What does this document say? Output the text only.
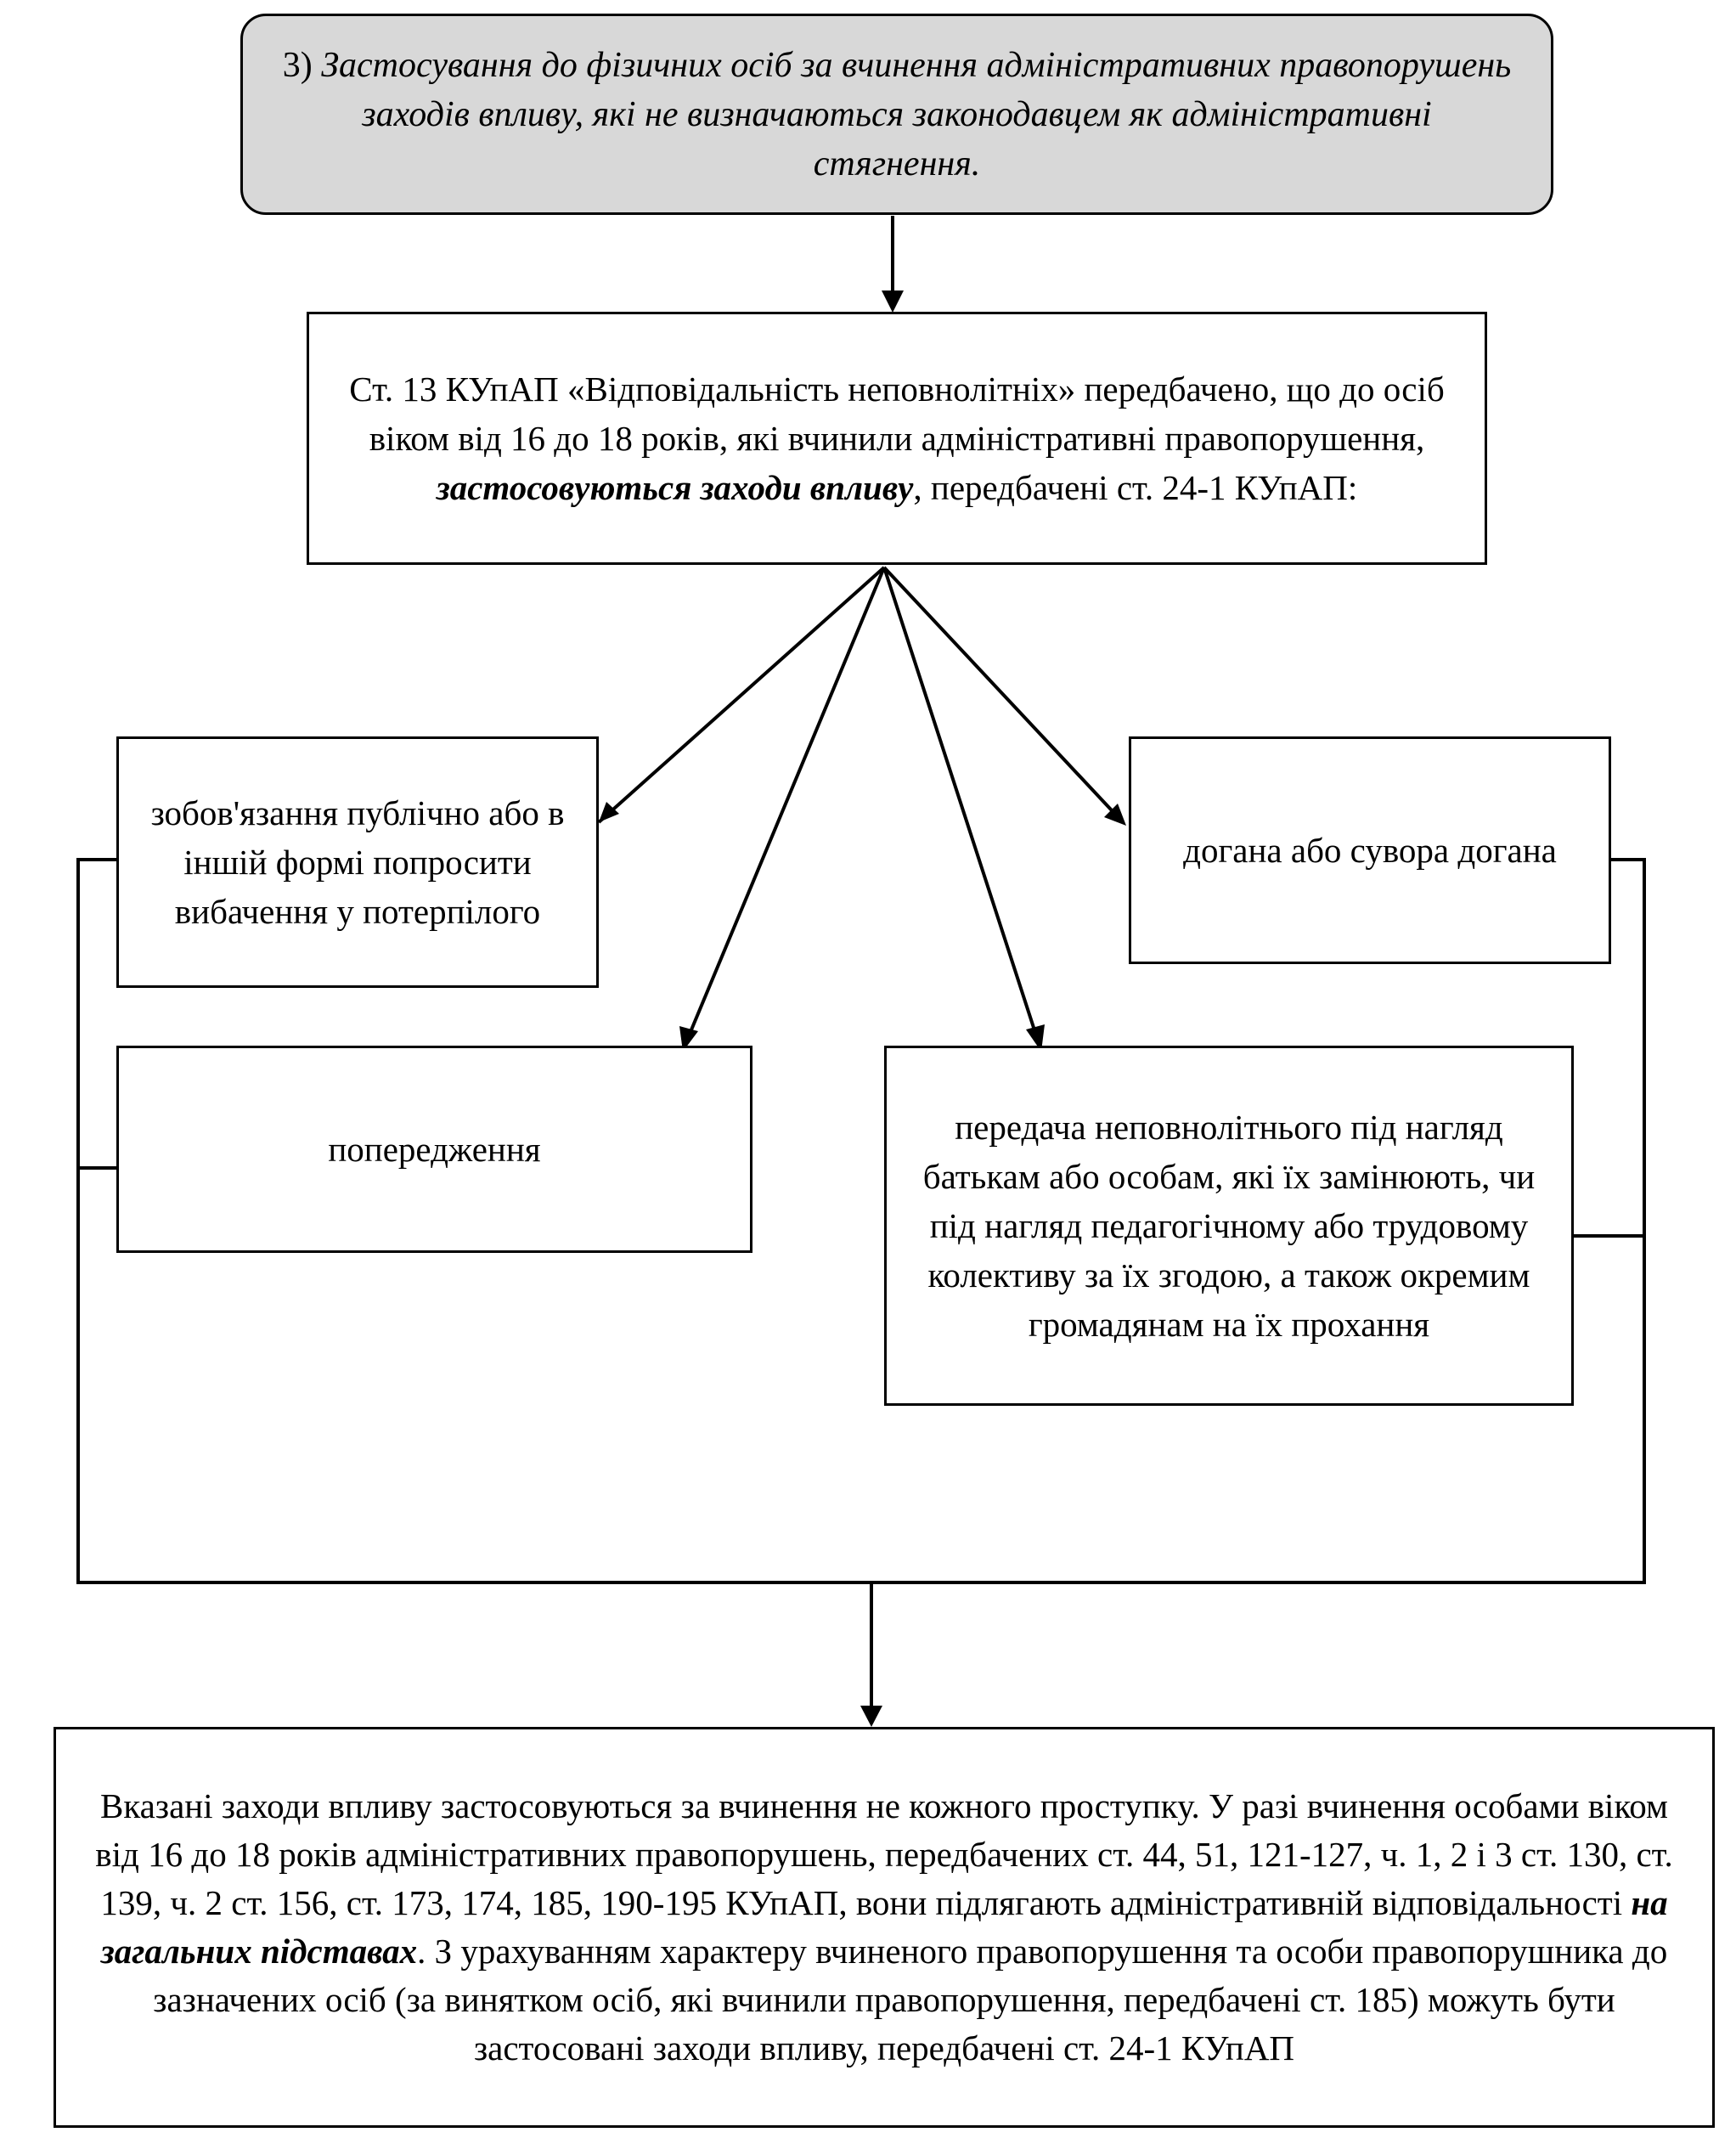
3) Застосування до фізичних осіб за вчинення адміністративних правопорушень заходів впливу, які не визначаються законодавцем як адміністративні стягнення.
Ст. 13 КУпАП «Відповідальність неповнолітніх» передбачено, що до осіб віком від 16 до 18 років, які вчинили адміністративні правопорушення, застосовуються заходи впливу, передбачені ст. 24-1 КУпАП:
зобов'язання публічно або в іншій формі попросити вибачення у потерпілого
догана або сувора догана
попередження
передача неповнолітнього під нагляд батькам або особам, які їх замінюють, чи під нагляд педагогічному або трудовому колективу за їх згодою, а також окремим громадянам на їх прохання
Вказані заходи впливу застосовуються за вчинення не кожного проступку. У разі вчинення особами віком від 16 до 18 років адміністративних правопорушень, передбачених ст. 44, 51, 121-127, ч. 1, 2 і 3 ст. 130, ст. 139, ч. 2 ст. 156, ст. 173, 174, 185, 190-195 КУпАП, вони підлягають адміністративній відповідальності на загальних підставах. З урахуванням характеру вчиненого правопорушення та особи правопорушника до зазначених осіб (за винятком осіб, які вчинили правопорушення, передбачені ст. 185) можуть бути застосовані заходи впливу, передбачені ст. 24-1 КУпАП
